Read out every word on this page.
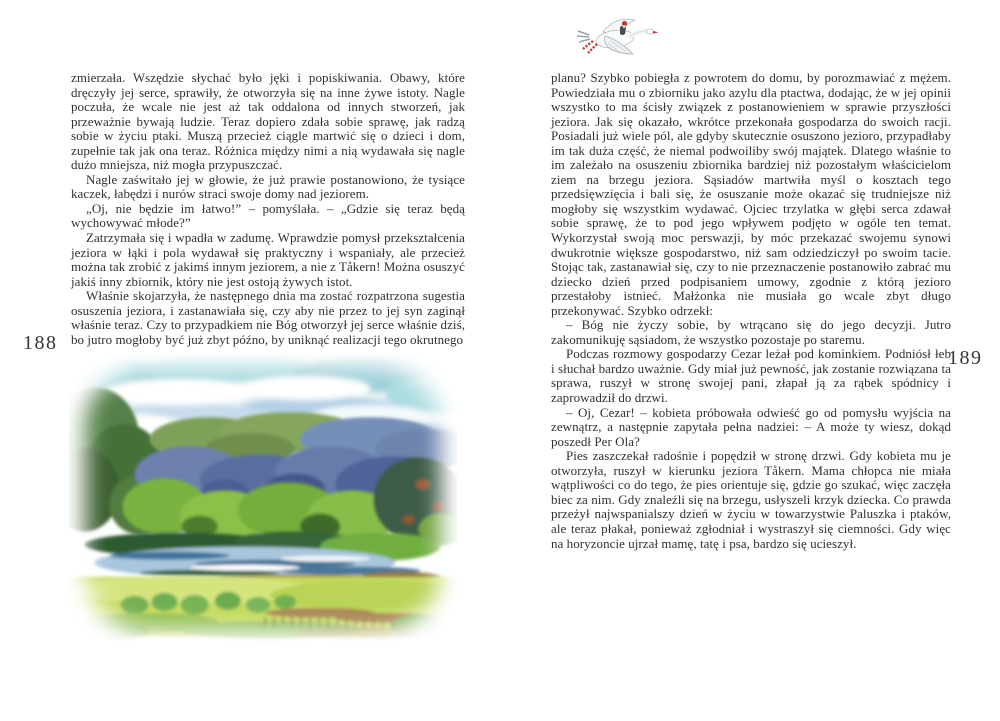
188

zmierzała. Wszędzie słychać było jęki i popiskiwania. Obawy, które dręczyły jej serce, sprawiły, że otworzyła się na inne żywe istoty. Nagle poczuła, że wcale nie jest aż tak oddalona od innych stworzeń, jak przeważnie bywają ludzie. Teraz dopiero zdała sobie sprawę, jak radzą sobie w życiu ptaki. Muszą przecież ciągle martwić się o dzieci i dom, zupełnie tak jak ona teraz. Różnica między nimi a nią wydawała się nagle dużo mniejsza, niż mogła przypuszczać.

Nagle zaświtało jej w głowie, że już prawie postanowiono, że tysiące kaczek, łabędzi i nurów straci swoje domy nad jeziorem.

„Oj, nie będzie im łatwo!” – pomyślała. – „Gdzie się teraz będą wychowywać młode?”

Zatrzymała się i wpadła w zadumę. Wprawdzie pomysł przekształcenia jeziora w łąki i pola wydawał się praktyczny i wspaniały, ale przecież można tak zrobić z jakimś innym jeziorem, a nie z Tåkern! Można osuszyć jakiś inny zbiornik, który nie jest ostoją żywych istot.

Właśnie skojarzyła, że następnego dnia ma zostać rozpatrzona sugestia osuszenia jeziora, i zastanawiała się, czy aby nie przez to jej syn zaginął właśnie teraz. Czy to przypadkiem nie Bóg otworzył jej serce właśnie dziś, bo jutro mogłoby być już zbyt późno, by uniknąć realizacji tego okrutnego

189

planu? Szybko pobiegła z powrotem do domu, by porozmawiać z mężem. Powiedziała mu o zbiorniku jako azylu dla ptactwa, dodając, że w jej opinii wszystko to ma ścisły związek z postanowieniem w sprawie przyszłości jeziora. Jak się okazało, wkrótce przekonała gospodarza do swoich racji. Posiadali już wiele pól, ale gdyby skutecznie osuszono jezioro, przypadłaby im tak duża część, że niemal podwoiliby swój majątek. Dlatego właśnie to im zależało na osuszeniu zbiornika bardziej niż pozostałym właścicielom ziem na brzegu jeziora. Sąsiadów martwiła myśl o kosztach tego przedsięwzięcia i bali się, że osuszanie może okazać się trudniejsze niż mogłoby się wszystkim wydawać. Ojciec trzylatka w głębi serca zdawał sobie sprawę, że to pod jego wpływem podjęto w ogóle ten temat. Wykorzystał swoją moc perswazji, by móc przekazać swojemu synowi dwukrotnie większe gospodarstwo, niż sam odziedziczył po swoim tacie. Stojąc tak, zastanawiał się, czy to nie przeznaczenie postanowiło zabrać mu dziecko dzień przed podpisaniem umowy, zgodnie z którą jezioro przestałoby istnieć. Małżonka nie musiała go wcale zbyt długo przekonywać. Szybko odrzekł:

– Bóg nie życzy sobie, by wtrącano się do jego decyzji. Jutro zakomunikuję sąsiadom, że wszystko pozostaje po staremu.

Podczas rozmowy gospodarzy Cezar leżał pod kominkiem. Podniósł łeb i słuchał bardzo uważnie. Gdy miał już pewność, jak zostanie rozwiązana ta sprawa, ruszył w stronę swojej pani, złapał ją za rąbek spódnicy i zaprowadził do drzwi.

– Oj, Cezar! – kobieta próbowała odwieść go od pomysłu wyjścia na zewnątrz, a następnie zapytała pełna nadziei: – A może ty wiesz, dokąd poszedł Per Ola?

Pies zaszczekał radośnie i popędził w stronę drzwi. Gdy kobieta mu je otworzyła, ruszył w kierunku jeziora Tåkern. Mama chłopca nie miała wątpliwości co do tego, że pies orientuje się, gdzie go szukać, więc zaczęła biec za nim. Gdy znaleźli się na brzegu, usłyszeli krzyk dziecka. Co prawda przeżył najwspanialszy dzień w życiu w towarzystwie Paluszka i ptaków, ale teraz płakał, ponieważ zgłodniał i wystraszył się ciemności. Gdy więc na horyzoncie ujrzał mamę, tatę i psa, bardzo się ucieszył.
